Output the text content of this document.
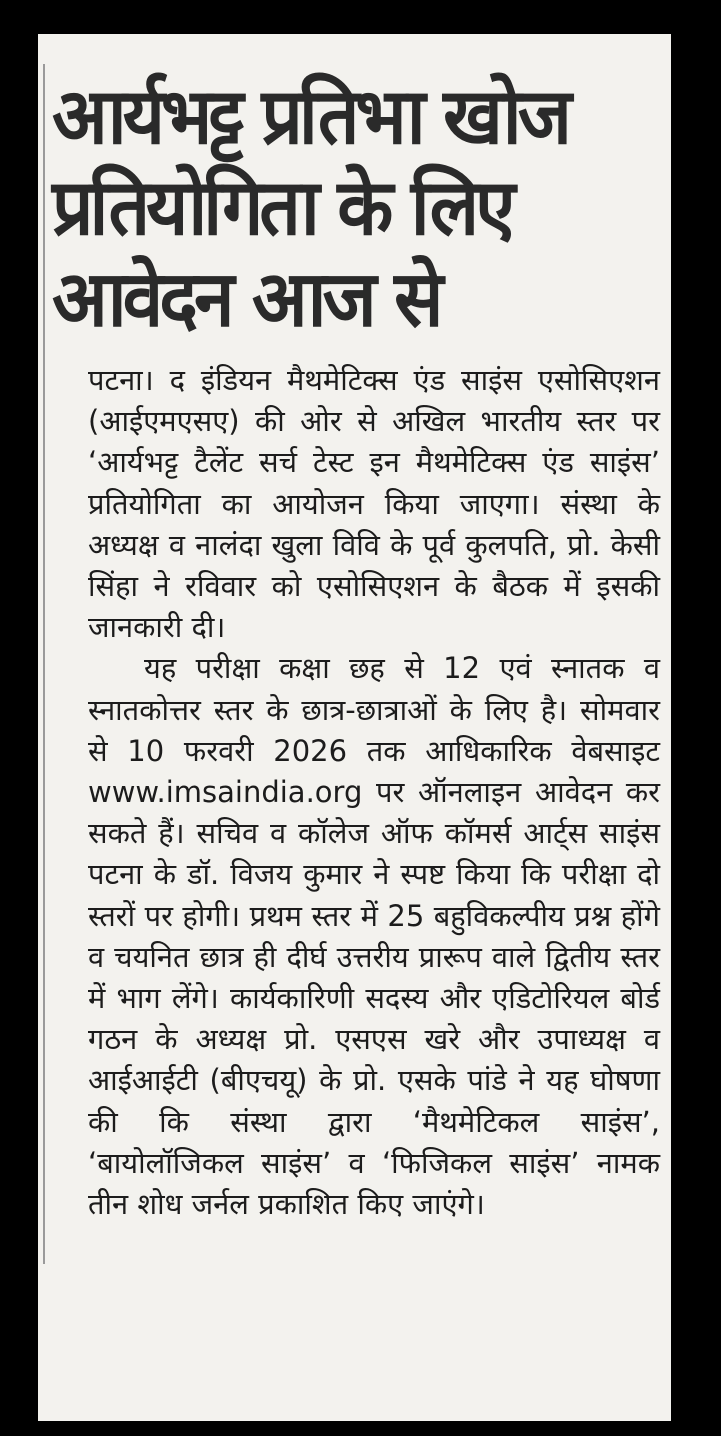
आर्यभट्ट प्रतिभा खोज
प्रतियोगिता के लिए
आवेदन आज से

पटना। द इंडियन मैथमेटिक्स एंड साइंस एसोसिएशन (आईएमएसए) की ओर से अखिल भारतीय स्तर पर ‘आर्यभट्ट टैलेंट सर्च टेस्ट इन मैथमेटिक्स एंड साइंस’ प्रतियोगिता का आयोजन किया जाएगा। संस्था के अध्यक्ष व नालंदा खुला विवि के पूर्व कुलपति, प्रो. केसी सिंहा ने रविवार को एसोसिएशन के बैठक में इसकी जानकारी दी।

यह परीक्षा कक्षा छह से 12 एवं स्नातक व स्नातकोत्तर स्तर के छात्र-छात्राओं के लिए है। सोमवार से 10 फरवरी 2026 तक आधिकारिक वेबसाइट www.imsaindia.org पर ऑनलाइन आवेदन कर सकते हैं। सचिव व कॉलेज ऑफ कॉमर्स आर्ट्स साइंस पटना के डॉ. विजय कुमार ने स्पष्ट किया कि परीक्षा दो स्तरों पर होगी। प्रथम स्तर में 25 बहुविकल्पीय प्रश्न होंगे व चयनित छात्र ही दीर्घ उत्तरीय प्रारूप वाले द्वितीय स्तर में भाग लेंगे। कार्यकारिणी सदस्य और एडिटोरियल बोर्ड गठन के अध्यक्ष प्रो. एसएस खरे और उपाध्यक्ष व आईआईटी (बीएचयू) के प्रो. एसके पांडे ने यह घोषणा की कि संस्था द्वारा ‘मैथमेटिकल साइंस’, ‘बायोलॉजिकल साइंस’ व ‘फिजिकल साइंस’ नामक तीन शोध जर्नल प्रकाशित किए जाएंगे।
